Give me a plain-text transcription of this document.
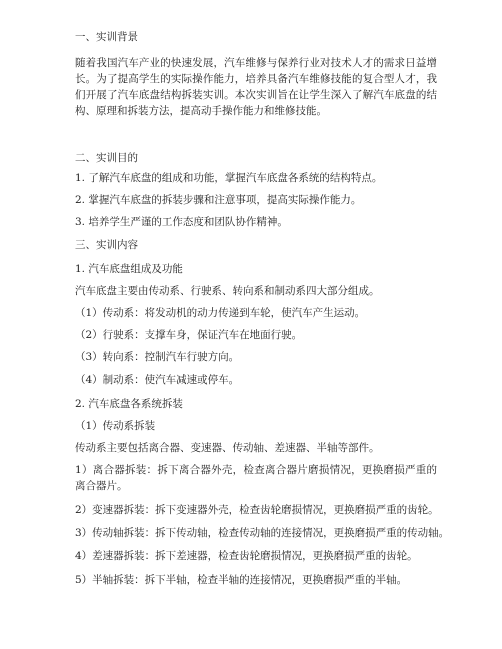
一、实训背景
随着我国汽车产业的快速发展，汽车维修与保养行业对技术人才的需求日益增长。为了提高学生的实际操作能力，培养具备汽车维修技能的复合型人才，我们开展了汽车底盘结构拆装实训。本次实训旨在让学生深入了解汽车底盘的结构、原理和拆装方法，提高动手操作能力和维修技能。
二、实训目的
1. 了解汽车底盘的组成和功能，掌握汽车底盘各系统的结构特点。
2. 掌握汽车底盘的拆装步骤和注意事项，提高实际操作能力。
3. 培养学生严谨的工作态度和团队协作精神。
三、实训内容
1. 汽车底盘组成及功能
汽车底盘主要由传动系、行驶系、转向系和制动系四大部分组成。
（1）传动系：将发动机的动力传递到车轮，使汽车产生运动。
（2）行驶系：支撑车身，保证汽车在地面行驶。
（3）转向系：控制汽车行驶方向。
（4）制动系：使汽车减速或停车。
2. 汽车底盘各系统拆装
（1）传动系拆装
传动系主要包括离合器、变速器、传动轴、差速器、半轴等部件。
1）离合器拆装：拆下离合器外壳，检查离合器片磨损情况，更换磨损严重的离合器片。
2）变速器拆装：拆下变速器外壳，检查齿轮磨损情况，更换磨损严重的齿轮。
3）传动轴拆装：拆下传动轴，检查传动轴的连接情况，更换磨损严重的传动轴。
4）差速器拆装：拆下差速器，检查齿轮磨损情况，更换磨损严重的齿轮。
5）半轴拆装：拆下半轴，检查半轴的连接情况，更换磨损严重的半轴。
